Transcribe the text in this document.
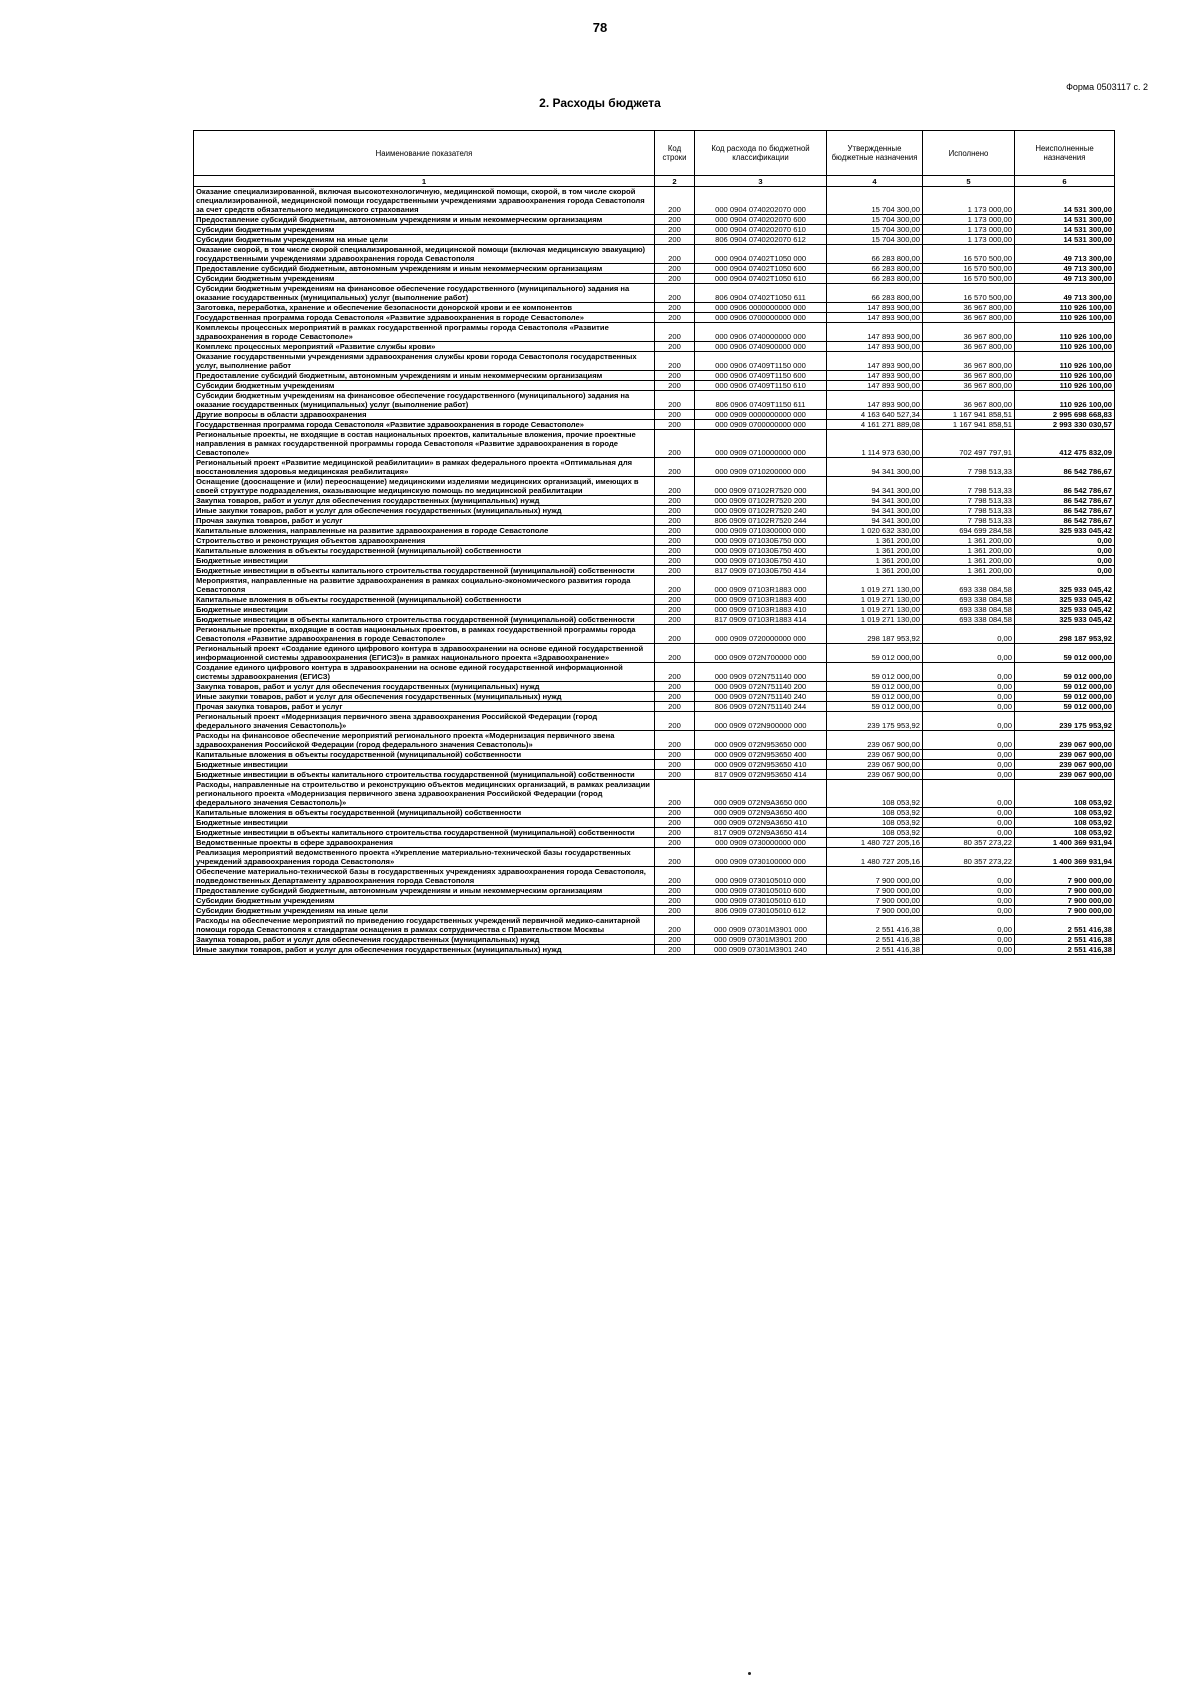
78
Форма 0503117 с. 2
2. Расходы бюджета
Наименование показателя	Код строки	Код расхода по бюджетной классификации	Утвержденные бюджетные назначения	Исполнено	Неисполненные назначения
1	2	3	4	5	6
Оказание специализированной, включая высокотехнологичную, медицинской помощи, скорой, в том числе скорой специализированной, медицинской помощи государственными учреждениями здравоохранения города Севастополя за счет средств обязательного медицинского страхования	200	000 0904 0740202070 000	15 704 300,00	1 173 000,00	14 531 300,00
Предоставление субсидий бюджетным, автономным учреждениям и иным некоммерческим организациям	200	000 0904 0740202070 600	15 704 300,00	1 173 000,00	14 531 300,00
Субсидии бюджетным учреждениям	200	000 0904 0740202070 610	15 704 300,00	1 173 000,00	14 531 300,00
Субсидии бюджетным учреждениям на иные цели	200	806 0904 0740202070 612	15 704 300,00	1 173 000,00	14 531 300,00
Оказание скорой, в том числе скорой специализированной, медицинской помощи (включая медицинскую эвакуацию) государственными учреждениями здравоохранения города Севастополя	200	000 0904 07402Т1050 000	66 283 800,00	16 570 500,00	49 713 300,00
Предоставление субсидий бюджетным, автономным учреждениям и иным некоммерческим организациям	200	000 0904 07402Т1050 600	66 283 800,00	16 570 500,00	49 713 300,00
Субсидии бюджетным учреждениям	200	000 0904 07402Т1050 610	66 283 800,00	16 570 500,00	49 713 300,00
Субсидии бюджетным учреждениям на финансовое обеспечение государственного (муниципального) задания на оказание государственных (муниципальных) услуг (выполнение работ)	200	806 0904 07402Т1050 611	66 283 800,00	16 570 500,00	49 713 300,00
Заготовка, переработка, хранение и обеспечение безопасности донорской крови и ее компонентов	200	000 0906 0000000000 000	147 893 900,00	36 967 800,00	110 926 100,00
Государственная программа города Севастополя «Развитие здравоохранения в городе Севастополе»	200	000 0906 0700000000 000	147 893 900,00	36 967 800,00	110 926 100,00
Комплексы процессных мероприятий в рамках государственной программы города Севастополя «Развитие здравоохранения в городе Севастополе»	200	000 0906 0740000000 000	147 893 900,00	36 967 800,00	110 926 100,00
Комплекс процессных мероприятий «Развитие службы крови»	200	000 0906 0740900000 000	147 893 900,00	36 967 800,00	110 926 100,00
Оказание государственными учреждениями здравоохранения службы крови города Севастополя государственных услуг, выполнение работ	200	000 0906 07409Т1150 000	147 893 900,00	36 967 800,00	110 926 100,00
Предоставление субсидий бюджетным, автономным учреждениям и иным некоммерческим организациям	200	000 0906 07409Т1150 600	147 893 900,00	36 967 800,00	110 926 100,00
Субсидии бюджетным учреждениям	200	000 0906 07409Т1150 610	147 893 900,00	36 967 800,00	110 926 100,00
Субсидии бюджетным учреждениям на финансовое обеспечение государственного (муниципального) задания на оказание государственных (муниципальных) услуг (выполнение работ)	200	806 0906 07409Т1150 611	147 893 900,00	36 967 800,00	110 926 100,00
Другие вопросы в области здравоохранения	200	000 0909 0000000000 000	4 163 640 527,34	1 167 941 858,51	2 995 698 668,83
Государственная программа города Севастополя «Развитие здравоохранения в городе Севастополе»	200	000 0909 0700000000 000	4 161 271 889,08	1 167 941 858,51	2 993 330 030,57
Региональные проекты, не входящие в состав национальных проектов, капитальные вложения, прочие проектные направления в рамках государственной программы города Севастополя «Развитие здравоохранения в городе Севастополе»	200	000 0909 0710000000 000	1 114 973 630,00	702 497 797,91	412 475 832,09
Региональный проект «Развитие медицинской реабилитации» в рамках федерального проекта «Оптимальная для восстановления здоровья медицинская реабилитация»	200	000 0909 0710200000 000	94 341 300,00	7 798 513,33	86 542 786,67
Оснащение (дооснащение и (или) переоснащение) медицинскими изделиями медицинских организаций, имеющих в своей структуре подразделения, оказывающие медицинскую помощь по медицинской реабилитации	200	000 0909 07102R7520 000	94 341 300,00	7 798 513,33	86 542 786,67
Закупка товаров, работ и услуг для обеспечения государственных (муниципальных) нужд	200	000 0909 07102R7520 200	94 341 300,00	7 798 513,33	86 542 786,67
Иные закупки товаров, работ и услуг для обеспечения государственных (муниципальных) нужд	200	000 0909 07102R7520 240	94 341 300,00	7 798 513,33	86 542 786,67
Прочая закупка товаров, работ и услуг	200	806 0909 07102R7520 244	94 341 300,00	7 798 513,33	86 542 786,67
Капитальные вложения, направленные на развитие здравоохранения в городе Севастополе	200	000 0909 0710300000 000	1 020 632 330,00	694 699 284,58	325 933 045,42
Строительство и реконструкция объектов здравоохранения	200	000 0909 071030Б750 000	1 361 200,00	1 361 200,00	0,00
Капитальные вложения в объекты государственной (муниципальной) собственности	200	000 0909 071030Б750 400	1 361 200,00	1 361 200,00	0,00
Бюджетные инвестиции	200	000 0909 071030Б750 410	1 361 200,00	1 361 200,00	0,00
Бюджетные инвестиции в объекты капитального строительства государственной (муниципальной) собственности	200	817 0909 071030Б750 414	1 361 200,00	1 361 200,00	0,00
Мероприятия, направленные на развитие здравоохранения в рамках социально-экономического развития города Севастополя	200	000 0909 07103R1883 000	1 019 271 130,00	693 338 084,58	325 933 045,42
Капитальные вложения в объекты государственной (муниципальной) собственности	200	000 0909 07103R1883 400	1 019 271 130,00	693 338 084,58	325 933 045,42
Бюджетные инвестиции	200	000 0909 07103R1883 410	1 019 271 130,00	693 338 084,58	325 933 045,42
Бюджетные инвестиции в объекты капитального строительства государственной (муниципальной) собственности	200	817 0909 07103R1883 414	1 019 271 130,00	693 338 084,58	325 933 045,42
Региональные проекты, входящие в состав национальных проектов, в рамках государственной программы города Севастополя «Развитие здравоохранения в городе Севастополе»	200	000 0909 0720000000 000	298 187 953,92	0,00	298 187 953,92
Региональный проект «Создание единого цифрового контура в здравоохранении на основе единой государственной информационной системы здравоохранения (ЕГИСЗ)» в рамках национального проекта «Здравоохранение»	200	000 0909 072N700000 000	59 012 000,00	0,00	59 012 000,00
Создание единого цифрового контура в здравоохранении на основе единой государственной информационной системы здравоохранения (ЕГИСЗ)	200	000 0909 072N751140 000	59 012 000,00	0,00	59 012 000,00
Закупка товаров, работ и услуг для обеспечения государственных (муниципальных) нужд	200	000 0909 072N751140 200	59 012 000,00	0,00	59 012 000,00
Иные закупки товаров, работ и услуг для обеспечения государственных (муниципальных) нужд	200	000 0909 072N751140 240	59 012 000,00	0,00	59 012 000,00
Прочая закупка товаров, работ и услуг	200	806 0909 072N751140 244	59 012 000,00	0,00	59 012 000,00
Региональный проект «Модернизация первичного звена здравоохранения Российской Федерации (город федерального значения Севастополь)»	200	000 0909 072N900000 000	239 175 953,92	0,00	239 175 953,92
Расходы на финансовое обеспечение мероприятий регионального проекта «Модернизация первичного звена здравоохранения Российской Федерации (город федерального значения Севастополь)»	200	000 0909 072N953650 000	239 067 900,00	0,00	239 067 900,00
Капитальные вложения в объекты государственной (муниципальной) собственности	200	000 0909 072N953650 400	239 067 900,00	0,00	239 067 900,00
Бюджетные инвестиции	200	000 0909 072N953650 410	239 067 900,00	0,00	239 067 900,00
Бюджетные инвестиции в объекты капитального строительства государственной (муниципальной) собственности	200	817 0909 072N953650 414	239 067 900,00	0,00	239 067 900,00
Расходы, направленные на строительство и реконструкцию объектов медицинских организаций, в рамках реализации регионального проекта «Модернизация первичного звена здравоохранения Российской Федерации (город федерального значения Севастополь)»	200	000 0909 072N9А3650 000	108 053,92	0,00	108 053,92
Капитальные вложения в объекты государственной (муниципальной) собственности	200	000 0909 072N9А3650 400	108 053,92	0,00	108 053,92
Бюджетные инвестиции	200	000 0909 072N9А3650 410	108 053,92	0,00	108 053,92
Бюджетные инвестиции в объекты капитального строительства государственной (муниципальной) собственности	200	817 0909 072N9А3650 414	108 053,92	0,00	108 053,92
Ведомственные проекты в сфере здравоохранения	200	000 0909 0730000000 000	1 480 727 205,16	80 357 273,22	1 400 369 931,94
Реализация мероприятий ведомственного проекта «Укрепление материально-технической базы государственных учреждений здравоохранения города Севастополя»	200	000 0909 0730100000 000	1 480 727 205,16	80 357 273,22	1 400 369 931,94
Обеспечение материально-технической базы в государственных учреждениях здравоохранения города Севастополя, подведомственных Департаменту здравоохранения города Севастополя	200	000 0909 0730105010 000	7 900 000,00	0,00	7 900 000,00
Предоставление субсидий бюджетным, автономным учреждениям и иным некоммерческим организациям	200	000 0909 0730105010 600	7 900 000,00	0,00	7 900 000,00
Субсидии бюджетным учреждениям	200	000 0909 0730105010 610	7 900 000,00	0,00	7 900 000,00
Субсидии бюджетным учреждениям на иные цели	200	806 0909 0730105010 612	7 900 000,00	0,00	7 900 000,00
Расходы на обеспечение мероприятий по приведению государственных учреждений первичной медико-санитарной помощи города Севастополя к стандартам оснащения в рамках сотрудничества с Правительством Москвы	200	000 0909 07301М3901 000	2 551 416,38	0,00	2 551 416,38
Закупка товаров, работ и услуг для обеспечения государственных (муниципальных) нужд	200	000 0909 07301М3901 200	2 551 416,38	0,00	2 551 416,38
Иные закупки товаров, работ и услуг для обеспечения государственных (муниципальных) нужд	200	000 0909 07301М3901 240	2 551 416,38	0,00	2 551 416,38
